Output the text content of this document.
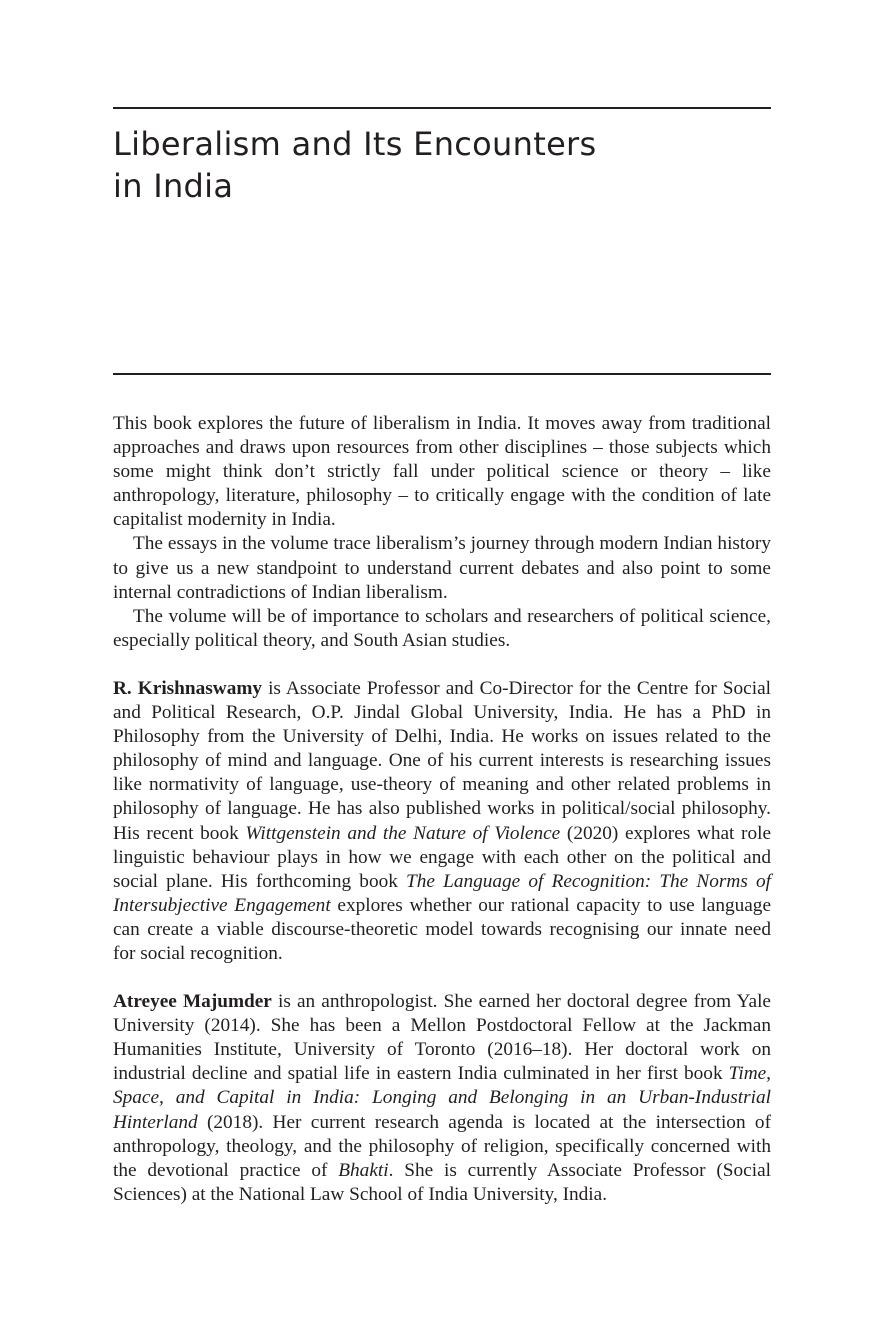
Liberalism and Its Encounters
in India

This book explores the future of liberalism in India. It moves away from traditional approaches and draws upon resources from other disciplines – those subjects which some might think don’t strictly fall under political science or theory – like anthropology, literature, philosophy – to critically engage with the condition of late capitalist modernity in India.

The essays in the volume trace liberalism’s journey through modern Indian history to give us a new standpoint to understand current debates and also point to some internal contradictions of Indian liberalism.

The volume will be of importance to scholars and researchers of political science, especially political theory, and South Asian studies.

R. Krishnaswamy is Associate Professor and Co-Director for the Centre for Social and Political Research, O.P. Jindal Global University, India. He has a PhD in Philosophy from the University of Delhi, India. He works on issues related to the philosophy of mind and language. One of his current interests is researching issues like normativity of language, use-theory of meaning and other related problems in philosophy of language. He has also published works in political/social philosophy. His recent book Wittgenstein and the Nature of Violence (2020) explores what role linguistic behaviour plays in how we engage with each other on the political and social plane. His forthcoming book The Language of Recognition: The Norms of Intersubjective Engagement explores whether our rational capacity to use language can create a viable discourse-theoretic model towards recognising our innate need for social recognition.

Atreyee Majumder is an anthropologist. She earned her doctoral degree from Yale University (2014). She has been a Mellon Postdoctoral Fellow at the Jackman Humanities Institute, University of Toronto (2016–18). Her doctoral work on industrial decline and spatial life in eastern India culminated in her first book Time, Space, and Capital in India: Longing and Belonging in an Urban-Industrial Hinterland (2018). Her current research agenda is located at the intersection of anthropology, theology, and the philosophy of religion, specifically concerned with the devotional practice of Bhakti. She is currently Associate Professor (Social Sciences) at the National Law School of India University, India.
